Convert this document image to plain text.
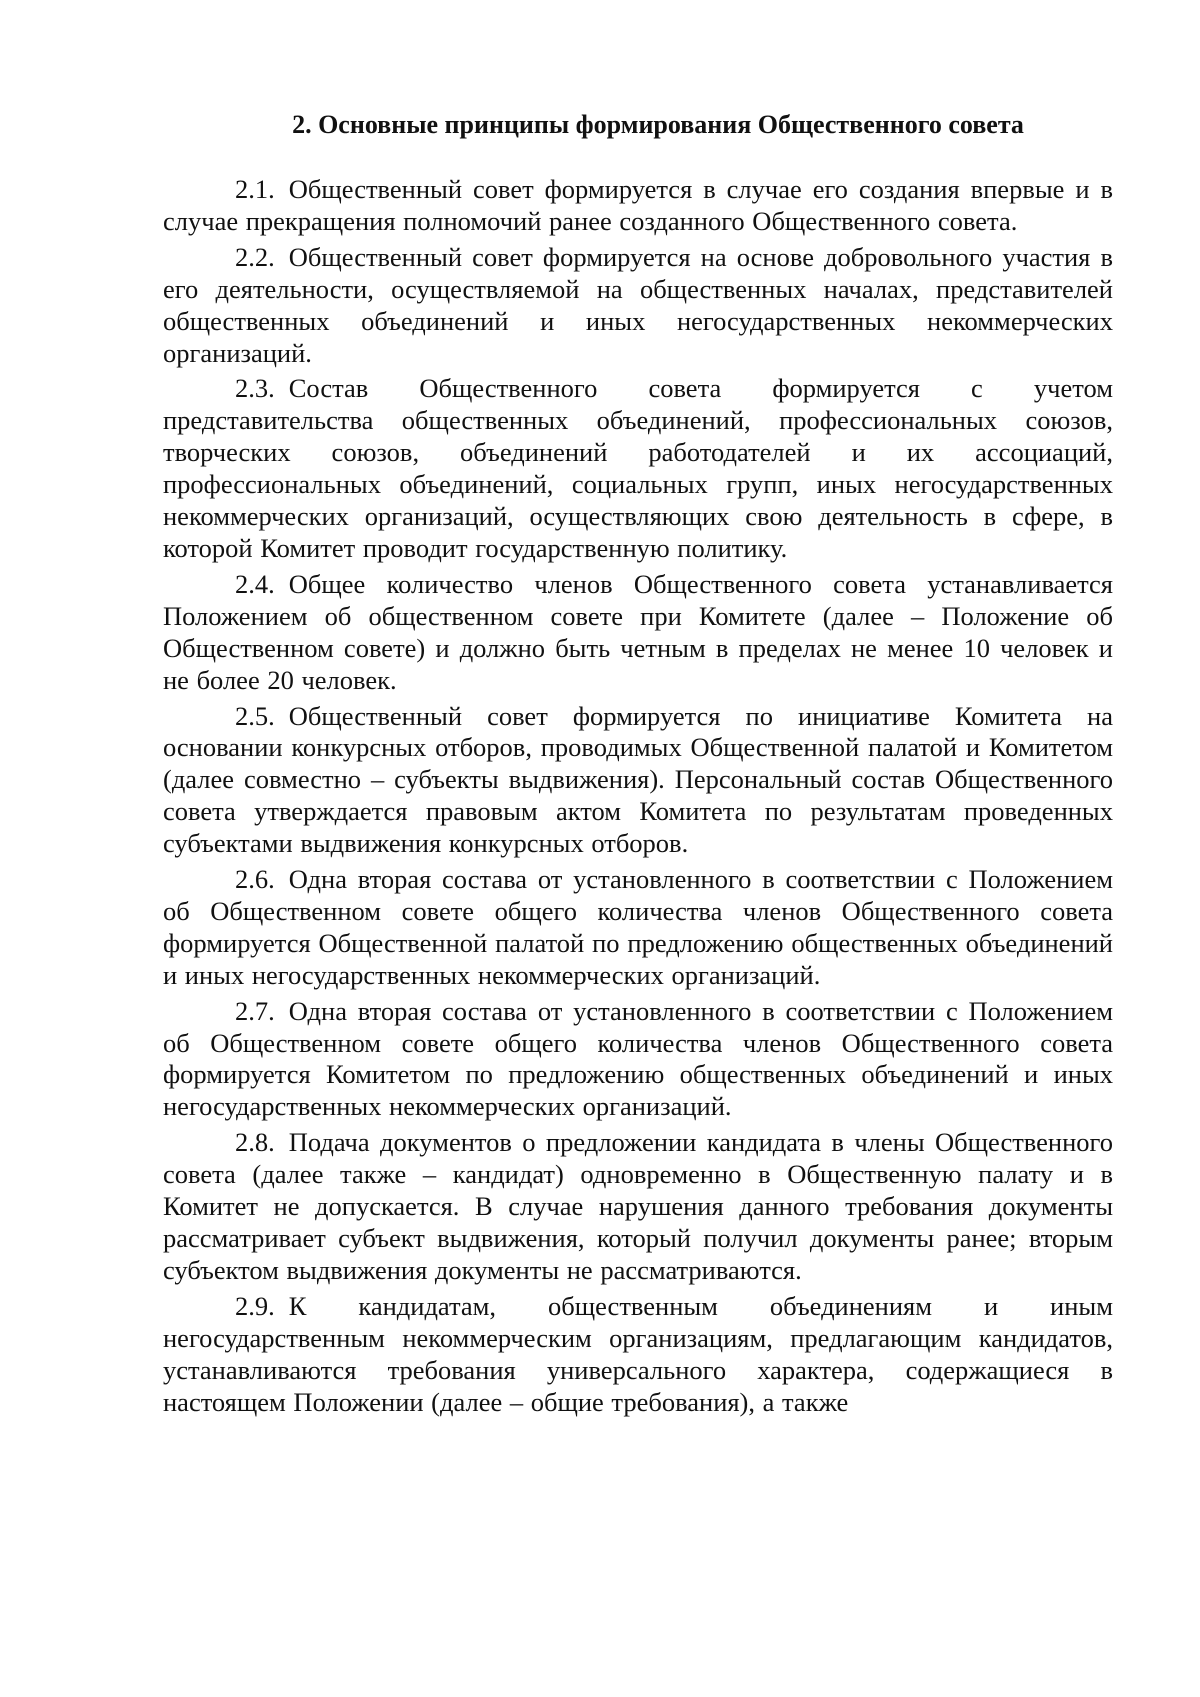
2. Основные принципы формирования Общественного совета

2.1. Общественный совет формируется в случае его создания впервые и в случае прекращения полномочий ранее созданного Общественного совета.

2.2. Общественный совет формируется на основе добровольного участия в его деятельности, осуществляемой на общественных началах, представителей общественных объединений и иных негосударственных некоммерческих организаций.

2.3. Состав Общественного совета формируется с учетом представительства общественных объединений, профессиональных союзов, творческих союзов, объединений работодателей и их ассоциаций, профессиональных объединений, социальных групп, иных негосударственных некоммерческих организаций, осуществляющих свою деятельность в сфере, в которой Комитет проводит государственную политику.

2.4. Общее количество членов Общественного совета устанавливается Положением об общественном совете при Комитете (далее – Положение об Общественном совете) и должно быть четным в пределах не менее 10 человек и не более 20 человек.

2.5. Общественный совет формируется по инициативе Комитета на основании конкурсных отборов, проводимых Общественной палатой и Комитетом (далее совместно – субъекты выдвижения). Персональный состав Общественного совета утверждается правовым актом Комитета по результатам проведенных субъектами выдвижения конкурсных отборов.

2.6. Одна вторая состава от установленного в соответствии с Положением об Общественном совете общего количества членов Общественного совета формируется Общественной палатой по предложению общественных объединений и иных негосударственных некоммерческих организаций.

2.7. Одна вторая состава от установленного в соответствии с Положением об Общественном совете общего количества членов Общественного совета формируется Комитетом по предложению общественных объединений и иных негосударственных некоммерческих организаций.

2.8. Подача документов о предложении кандидата в члены Общественного совета (далее также – кандидат) одновременно в Общественную палату и в Комитет не допускается. В случае нарушения данного требования документы рассматривает субъект выдвижения, который получил документы ранее; вторым субъектом выдвижения документы не рассматриваются.

2.9. К кандидатам, общественным объединениям и иным негосударственным некоммерческим организациям, предлагающим кандидатов, устанавливаются требования универсального характера, содержащиеся в настоящем Положении (далее – общие требования), а также
